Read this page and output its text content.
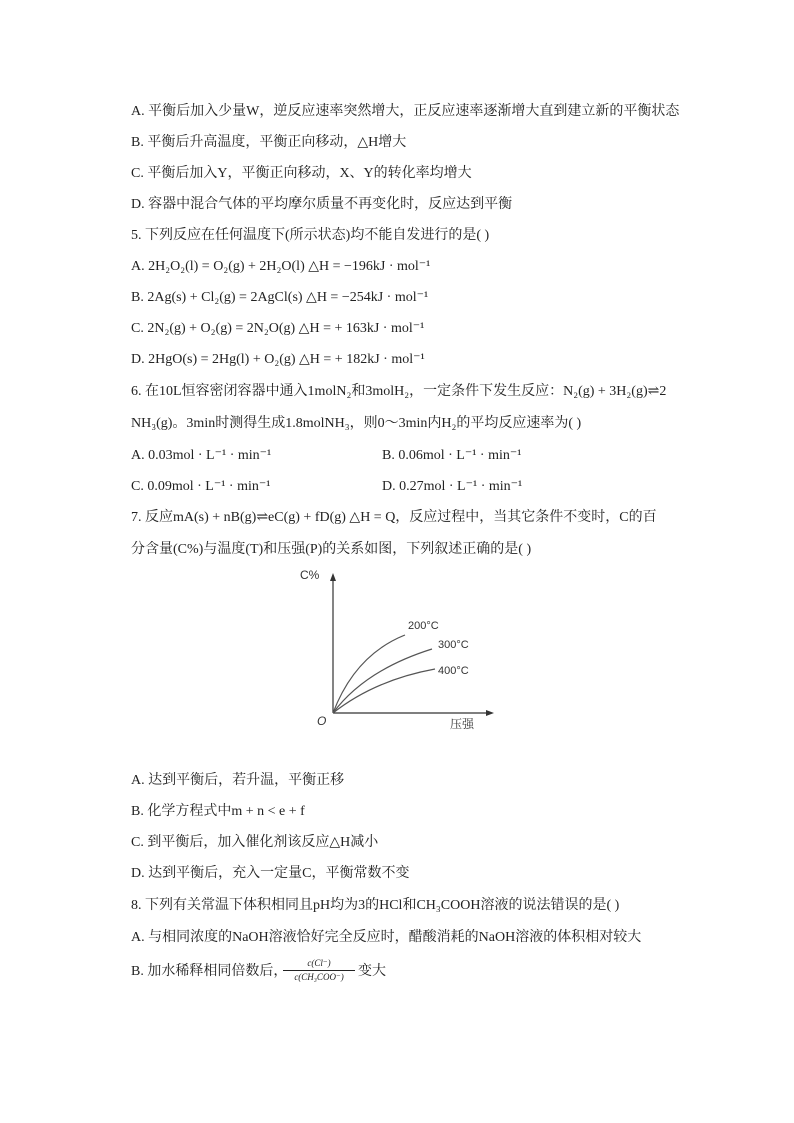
A. 平衡后加入少量W，逆反应速率突然增大，正反应速率逐渐增大直到建立新的平衡状态
B. 平衡后升高温度，平衡正向移动，△H增大
C. 平衡后加入Y，平衡正向移动，X、Y的转化率均增大
D. 容器中混合气体的平均摩尔质量不再变化时，反应达到平衡
5. 下列反应在任何温度下(所示状态)均不能自发进行的是( )
A. 2H₂O₂(l) = O₂(g) + 2H₂O(l) △H = −196kJ · mol⁻¹
B. 2Ag(s) + Cl₂(g) = 2AgCl(s) △H = −254kJ · mol⁻¹
C. 2N₂(g) + O₂(g) = 2N₂O(g) △H = + 163kJ · mol⁻¹
D. 2HgO(s) = 2Hg(l) + O₂(g) △H = + 182kJ · mol⁻¹
6. 在10L恒容密闭容器中通入1molN₂和3molH₂，一定条件下发生反应：N₂(g) + 3H₂(g)⇌2
NH₃(g)。3min时测得生成1.8molNH₃，则0～3min内H₂的平均反应速率为( )
A. 0.03mol · L⁻¹ · min⁻¹	B. 0.06mol · L⁻¹ · min⁻¹
C. 0.09mol · L⁻¹ · min⁻¹	D. 0.27mol · L⁻¹ · min⁻¹
7. 反应mA(s) + nB(g)⇌eC(g) + fD(g) △H = Q，反应过程中，当其它条件不变时，C的百
分含量(C%)与温度(T)和压强(P)的关系如图，下列叙述正确的是( )
C%
O	压强
200°C
300°C
400°C
A. 达到平衡后，若升温，平衡正移
B. 化学方程式中m + n < e + f
C. 到平衡后，加入催化剂该反应△H减小
D. 达到平衡后，充入一定量C，平衡常数不变
8. 下列有关常温下体积相同且pH均为3的HCl和CH₃COOH溶液的说法错误的是( )
A. 与相同浓度的NaOH溶液恰好完全反应时，醋酸消耗的NaOH溶液的体积相对较大
B. 加水稀释相同倍数后，
c(Cl⁻)
c(CH₃COO⁻)	变大
